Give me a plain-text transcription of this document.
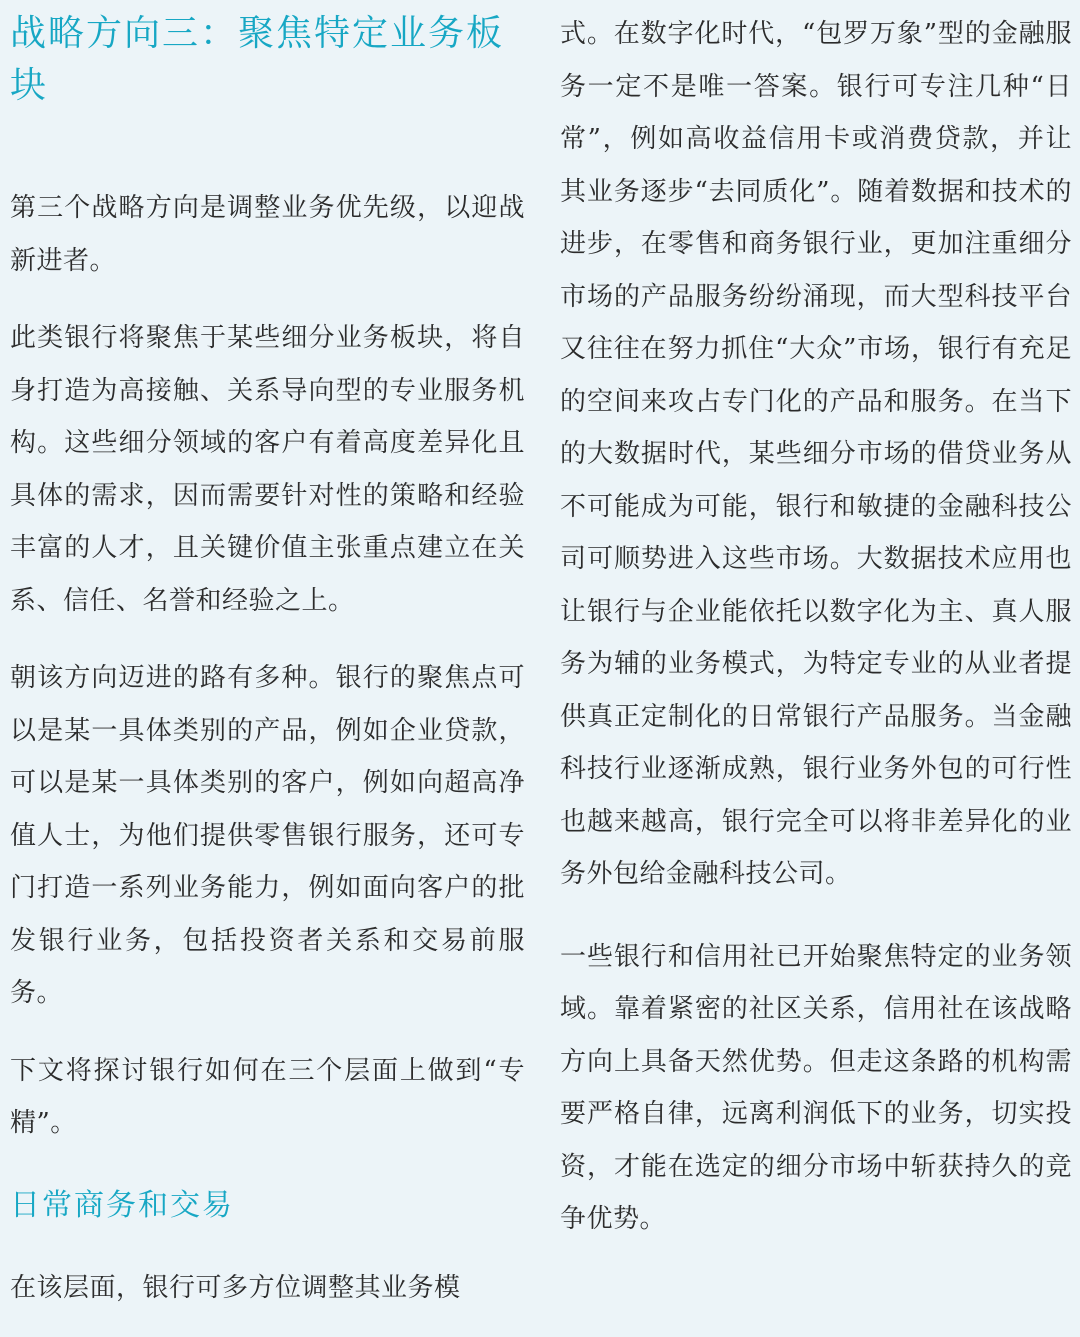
战略方向三：聚焦特定业务板块

第三个战略方向是调整业务优先级，以迎战新进者。

此类银行将聚焦于某些细分业务板块，将自身打造为高接触、关系导向型的专业服务机构。这些细分领域的客户有着高度差异化且具体的需求，因而需要针对性的策略和经验丰富的人才，且关键价值主张重点建立在关系、信任、名誉和经验之上。

朝该方向迈进的路有多种。银行的聚焦点可以是某一具体类别的产品，例如企业贷款，可以是某一具体类别的客户，例如向超高净值人士，为他们提供零售银行服务，还可专门打造一系列业务能力，例如面向客户的批发银行业务，包括投资者关系和交易前服务。

下文将探讨银行如何在三个层面上做到“专精”。

日常商务和交易

在该层面，银行可多方位调整其业务模

式。在数字化时代，“包罗万象”型的金融服务一定不是唯一答案。银行可专注几种“日常”，例如高收益信用卡或消费贷款，并让其业务逐步“去同质化”。随着数据和技术的进步，在零售和商务银行业，更加注重细分市场的产品服务纷纷涌现，而大型科技平台又往往在努力抓住“大众”市场，银行有充足的空间来攻占专门化的产品和服务。在当下的大数据时代，某些细分市场的借贷业务从不可能成为可能，银行和敏捷的金融科技公司可顺势进入这些市场。大数据技术应用也让银行与企业能依托以数字化为主、真人服务为辅的业务模式，为特定专业的从业者提供真正定制化的日常银行产品服务。当金融科技行业逐渐成熟，银行业务外包的可行性也越来越高，银行完全可以将非差异化的业务外包给金融科技公司。

一些银行和信用社已开始聚焦特定的业务领域。靠着紧密的社区关系，信用社在该战略方向上具备天然优势。但走这条路的机构需要严格自律，远离利润低下的业务，切实投资，才能在选定的细分市场中斩获持久的竞争优势。
